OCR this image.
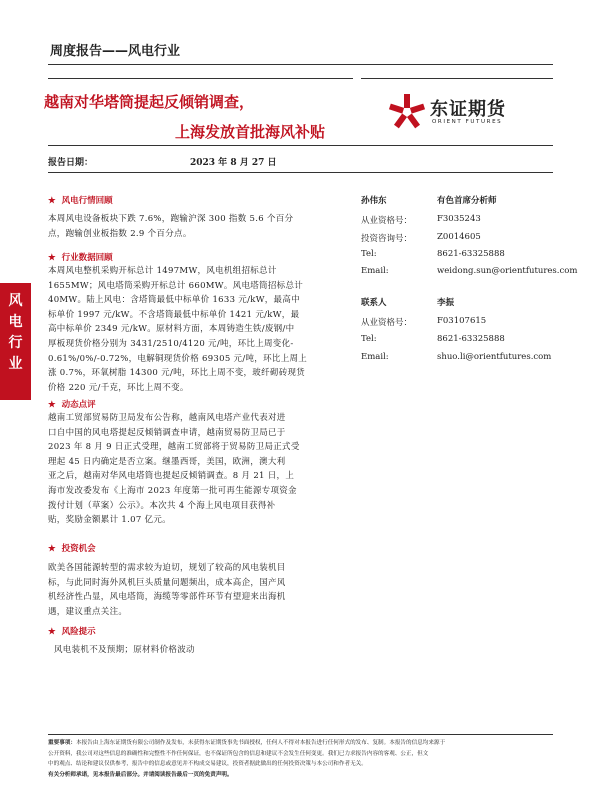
周度报告——风电行业
越南对华塔筒提起反倾销调查，
上海发放首批海风补贴
东证期货
ORIENT FUTURES
报告日期：	2023 年 8 月 27 日
风电行业
★ 风电行情回顾
本周风电设备板块下跌 7.6%，跑输沪深 300 指数 5.6 个百分
点，跑输创业板指数 2.9 个百分点。
★ 行业数据回顾
本周风电整机采购开标总计 1497MW，风电机组招标总计
1655MW；风电塔筒采购开标总计 660MW。风电塔筒招标总计
40MW。陆上风电：含塔筒最低中标单价 1633 元/kW，最高中
标单价 1997 元/kW。不含塔筒最低中标单价 1421 元/kW，最
高中标单价 2349 元/kW。原材料方面，本周铸造生铁/废钢/中
厚板现货价格分别为 3431/2510/4120 元/吨，环比上周变化-
0.61%/0%/-0.72%，电解铜现货价格 69305 元/吨，环比上周上
涨 0.7%，环氧树脂 14300 元/吨，环比上周不变，玻纤砌砖现货
价格 220 元/千克，环比上周不变。
★ 动态点评
越南工贸部贸易防卫局发布公告称，越南风电塔产业代表对进
口自中国的风电塔提起反倾销调查申请，越南贸易防卫局已于
2023 年 8 月 9 日正式受理，越南工贸部将于贸易防卫局正式受
理起 45 日内确定是否立案。继墨西哥，美国，欧洲，澳大利
亚之后，越南对华风电塔筒也提起反倾销调查。8 月 21 日，上
海市发改委发布《上海市 2023 年度第一批可再生能源专项资金
拨付计划（草案）公示》。本次共 4 个海上风电项目获得补
贴，奖励金额累计 1.07 亿元。
★ 投资机会
欧美各国能源转型的需求较为迫切，规划了较高的风电装机目
标，与此同时海外风机巨头质量问题频出，成本高企，国产风
机经济性凸显，风电塔筒，海缆等零部件环节有望迎来出海机
遇，建议重点关注。
★ 风险提示
风电装机不及预期；原材料价格波动
孙伟东	有色首席分析师
从业资格号：	F3035243
投资咨询号：	Z0014605
Tel:	8621-63325888
Email:	weidong.sun@orientfutures.com
联系人	李振
从业资格号：	F03107615
Tel:	8621-63325888
Email:	shuo.li@orientfutures.com
重要事项：本报告由上海东证期货有限公司制作及发布，未获得东证期货事先书面授权，任何人不得对本报告进行任何形式的发布、复制。本报告的信息均来源于
公开资料，我公司对这些信息的准确性和完整性不作任何保证，也不保证所包含的信息和建议不会发生任何变更。我们已力求报告内容的客观、公正，但文
中的观点、结论和建议仅供参考，报告中的信息或意见并不构成交易建议，投资者据此做出的任何投资决策与本公司和作者无关。
有关分析师承诺，见本报告最后部分。并请阅读报告最后一页的免责声明。
